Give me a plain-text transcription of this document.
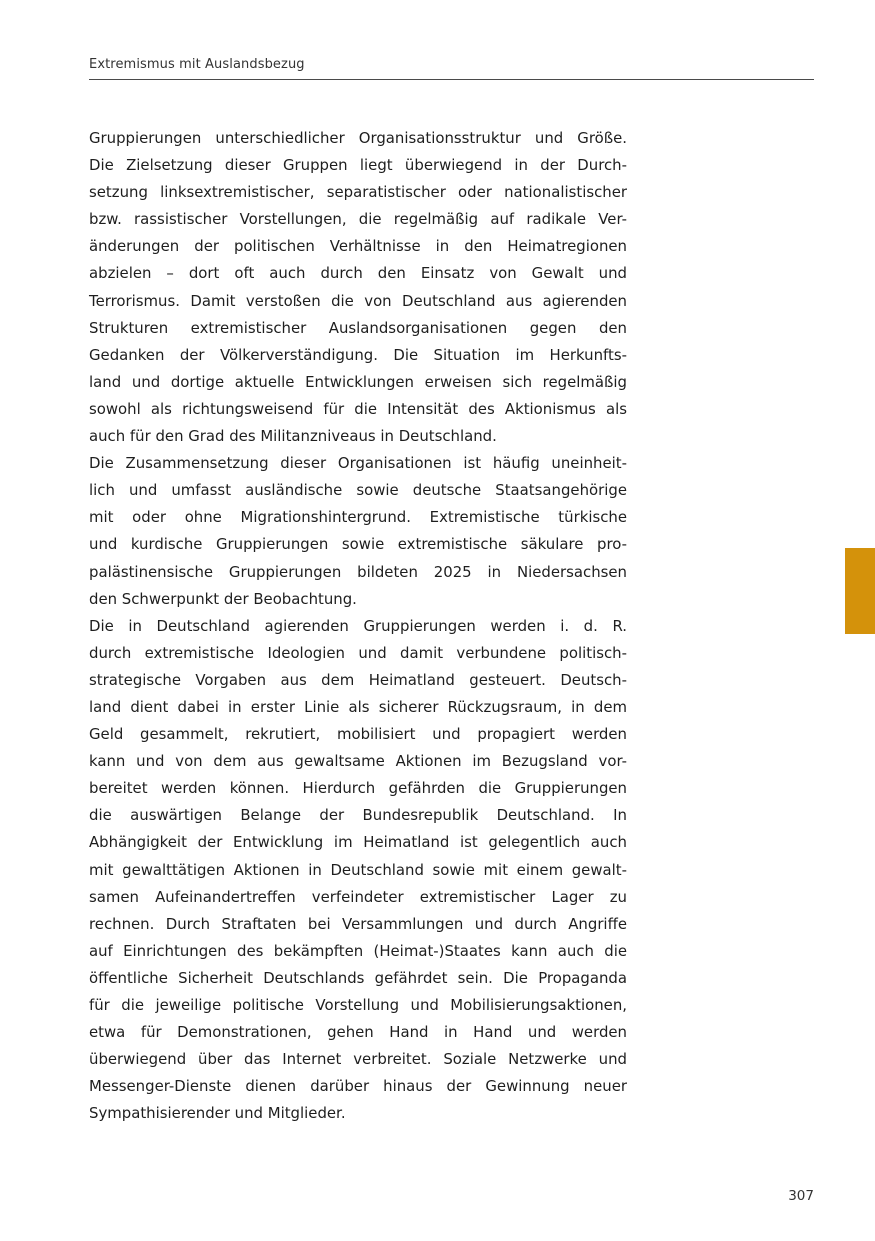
Extremismus mit Auslandsbezug
Gruppierungen unterschiedlicher Organisationsstruktur und Größe.
Die Zielsetzung dieser Gruppen liegt überwiegend in der Durch-
setzung linksextremistischer, separatistischer oder nationalistischer
bzw. rassistischer Vorstellungen, die regelmäßig auf radikale Ver-
änderungen der politischen Verhältnisse in den Heimatregionen
abzielen – dort oft auch durch den Einsatz von Gewalt und
Terrorismus. Damit verstoßen die von Deutschland aus agierenden
Strukturen extremistischer Auslandsorganisationen gegen den
Gedanken der Völkerverständigung. Die Situation im Herkunfts-
land und dortige aktuelle Entwicklungen erweisen sich regelmäßig
sowohl als richtungsweisend für die Intensität des Aktionismus als
auch für den Grad des Militanzniveaus in Deutschland.
Die Zusammensetzung dieser Organisationen ist häufig uneinheit-
lich und umfasst ausländische sowie deutsche Staatsangehörige
mit oder ohne Migrationshintergrund. Extremistische türkische
und kurdische Gruppierungen sowie extremistische säkulare pro-
palästinensische Gruppierungen bildeten 2025 in Niedersachsen
den Schwerpunkt der Beobachtung.
Die in Deutschland agierenden Gruppierungen werden i. d. R.
durch extremistische Ideologien und damit verbundene politisch-
strategische Vorgaben aus dem Heimatland gesteuert. Deutsch-
land dient dabei in erster Linie als sicherer Rückzugsraum, in dem
Geld gesammelt, rekrutiert, mobilisiert und propagiert werden
kann und von dem aus gewaltsame Aktionen im Bezugsland vor-
bereitet werden können. Hierdurch gefährden die Gruppierungen
die auswärtigen Belange der Bundesrepublik Deutschland. In
Abhängigkeit der Entwicklung im Heimatland ist gelegentlich auch
mit gewalttätigen Aktionen in Deutschland sowie mit einem gewalt-
samen Aufeinandertreffen verfeindeter extremistischer Lager zu
rechnen. Durch Straftaten bei Versammlungen und durch Angriffe
auf Einrichtungen des bekämpften (Heimat-)Staates kann auch die
öffentliche Sicherheit Deutschlands gefährdet sein. Die Propaganda
für die jeweilige politische Vorstellung und Mobilisierungsaktionen,
etwa für Demonstrationen, gehen Hand in Hand und werden
überwiegend über das Internet verbreitet. Soziale Netzwerke und
Messenger-Dienste dienen darüber hinaus der Gewinnung neuer
Sympathisierender und Mitglieder.
307
